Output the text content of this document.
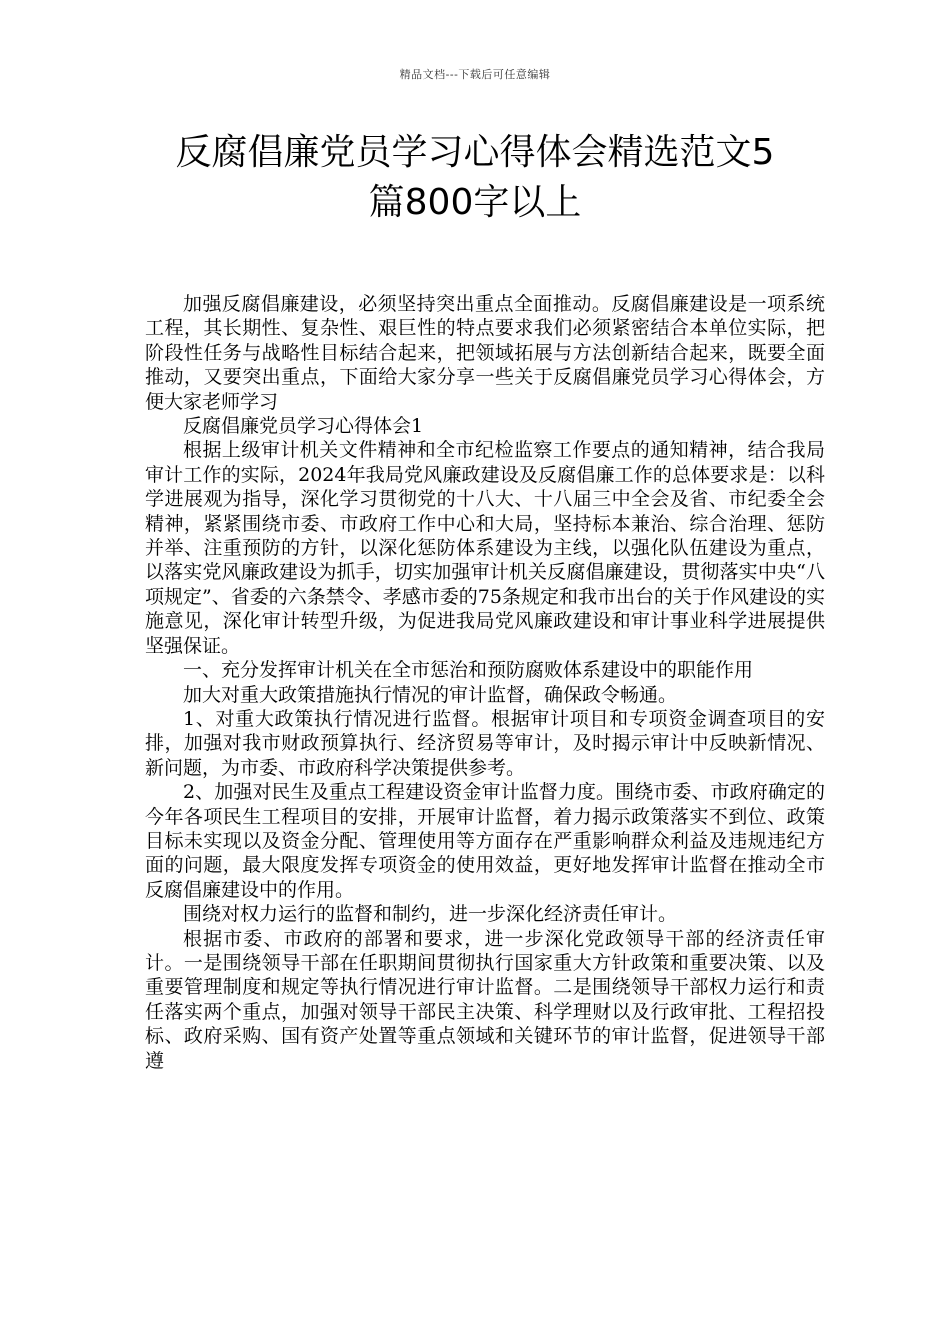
精品文档---下载后可任意编辑
反腐倡廉党员学习心得体会精选范文5
篇800字以上

加强反腐倡廉建设，必须坚持突出重点全面推动。反腐倡廉建设是一项系统工程，其长期性、复杂性、艰巨性的特点要求我们必须紧密结合本单位实际，把阶段性任务与战略性目标结合起来，把领域拓展与方法创新结合起来，既要全面推动，又要突出重点，下面给大家分享一些关于反腐倡廉党员学习心得体会，方便大家老师学习

反腐倡廉党员学习心得体会1

根据上级审计机关文件精神和全市纪检监察工作要点的通知精神，结合我局审计工作的实际，2024年我局党风廉政建设及反腐倡廉工作的总体要求是：以科学进展观为指导，深化学习贯彻党的十八大、十八届三中全会及省、市纪委全会精神，紧紧围绕市委、市政府工作中心和大局，坚持标本兼治、综合治理、惩防并举、注重预防的方针，以深化惩防体系建设为主线，以强化队伍建设为重点，以落实党风廉政建设为抓手，切实加强审计机关反腐倡廉建设，贯彻落实中央“八项规定”、省委的六条禁令、孝感市委的75条规定和我市出台的关于作风建设的实施意见，深化审计转型升级，为促进我局党风廉政建设和审计事业科学进展提供坚强保证。

一、充分发挥审计机关在全市惩治和预防腐败体系建设中的职能作用

加大对重大政策措施执行情况的审计监督，确保政令畅通。

1、对重大政策执行情况进行监督。根据审计项目和专项资金调查项目的安排，加强对我市财政预算执行、经济贸易等审计，及时揭示审计中反映新情况、新问题，为市委、市政府科学决策提供参考。

2、加强对民生及重点工程建设资金审计监督力度。围绕市委、市政府确定的今年各项民生工程项目的安排，开展审计监督，着力揭示政策落实不到位、政策目标未实现以及资金分配、管理使用等方面存在严重影响群众利益及违规违纪方面的问题，最大限度发挥专项资金的使用效益，更好地发挥审计监督在推动全市反腐倡廉建设中的作用。

围绕对权力运行的监督和制约，进一步深化经济责任审计。

根据市委、市政府的部署和要求，进一步深化党政领导干部的经济责任审计。一是围绕领导干部在任职期间贯彻执行国家重大方针政策和重要决策、以及重要管理制度和规定等执行情况进行审计监督。二是围绕领导干部权力运行和责任落实两个重点，加强对领导干部民主决策、科学理财以及行政审批、工程招投标、政府采购、国有资产处置等重点领域和关键环节的审计监督，促进领导干部遵
